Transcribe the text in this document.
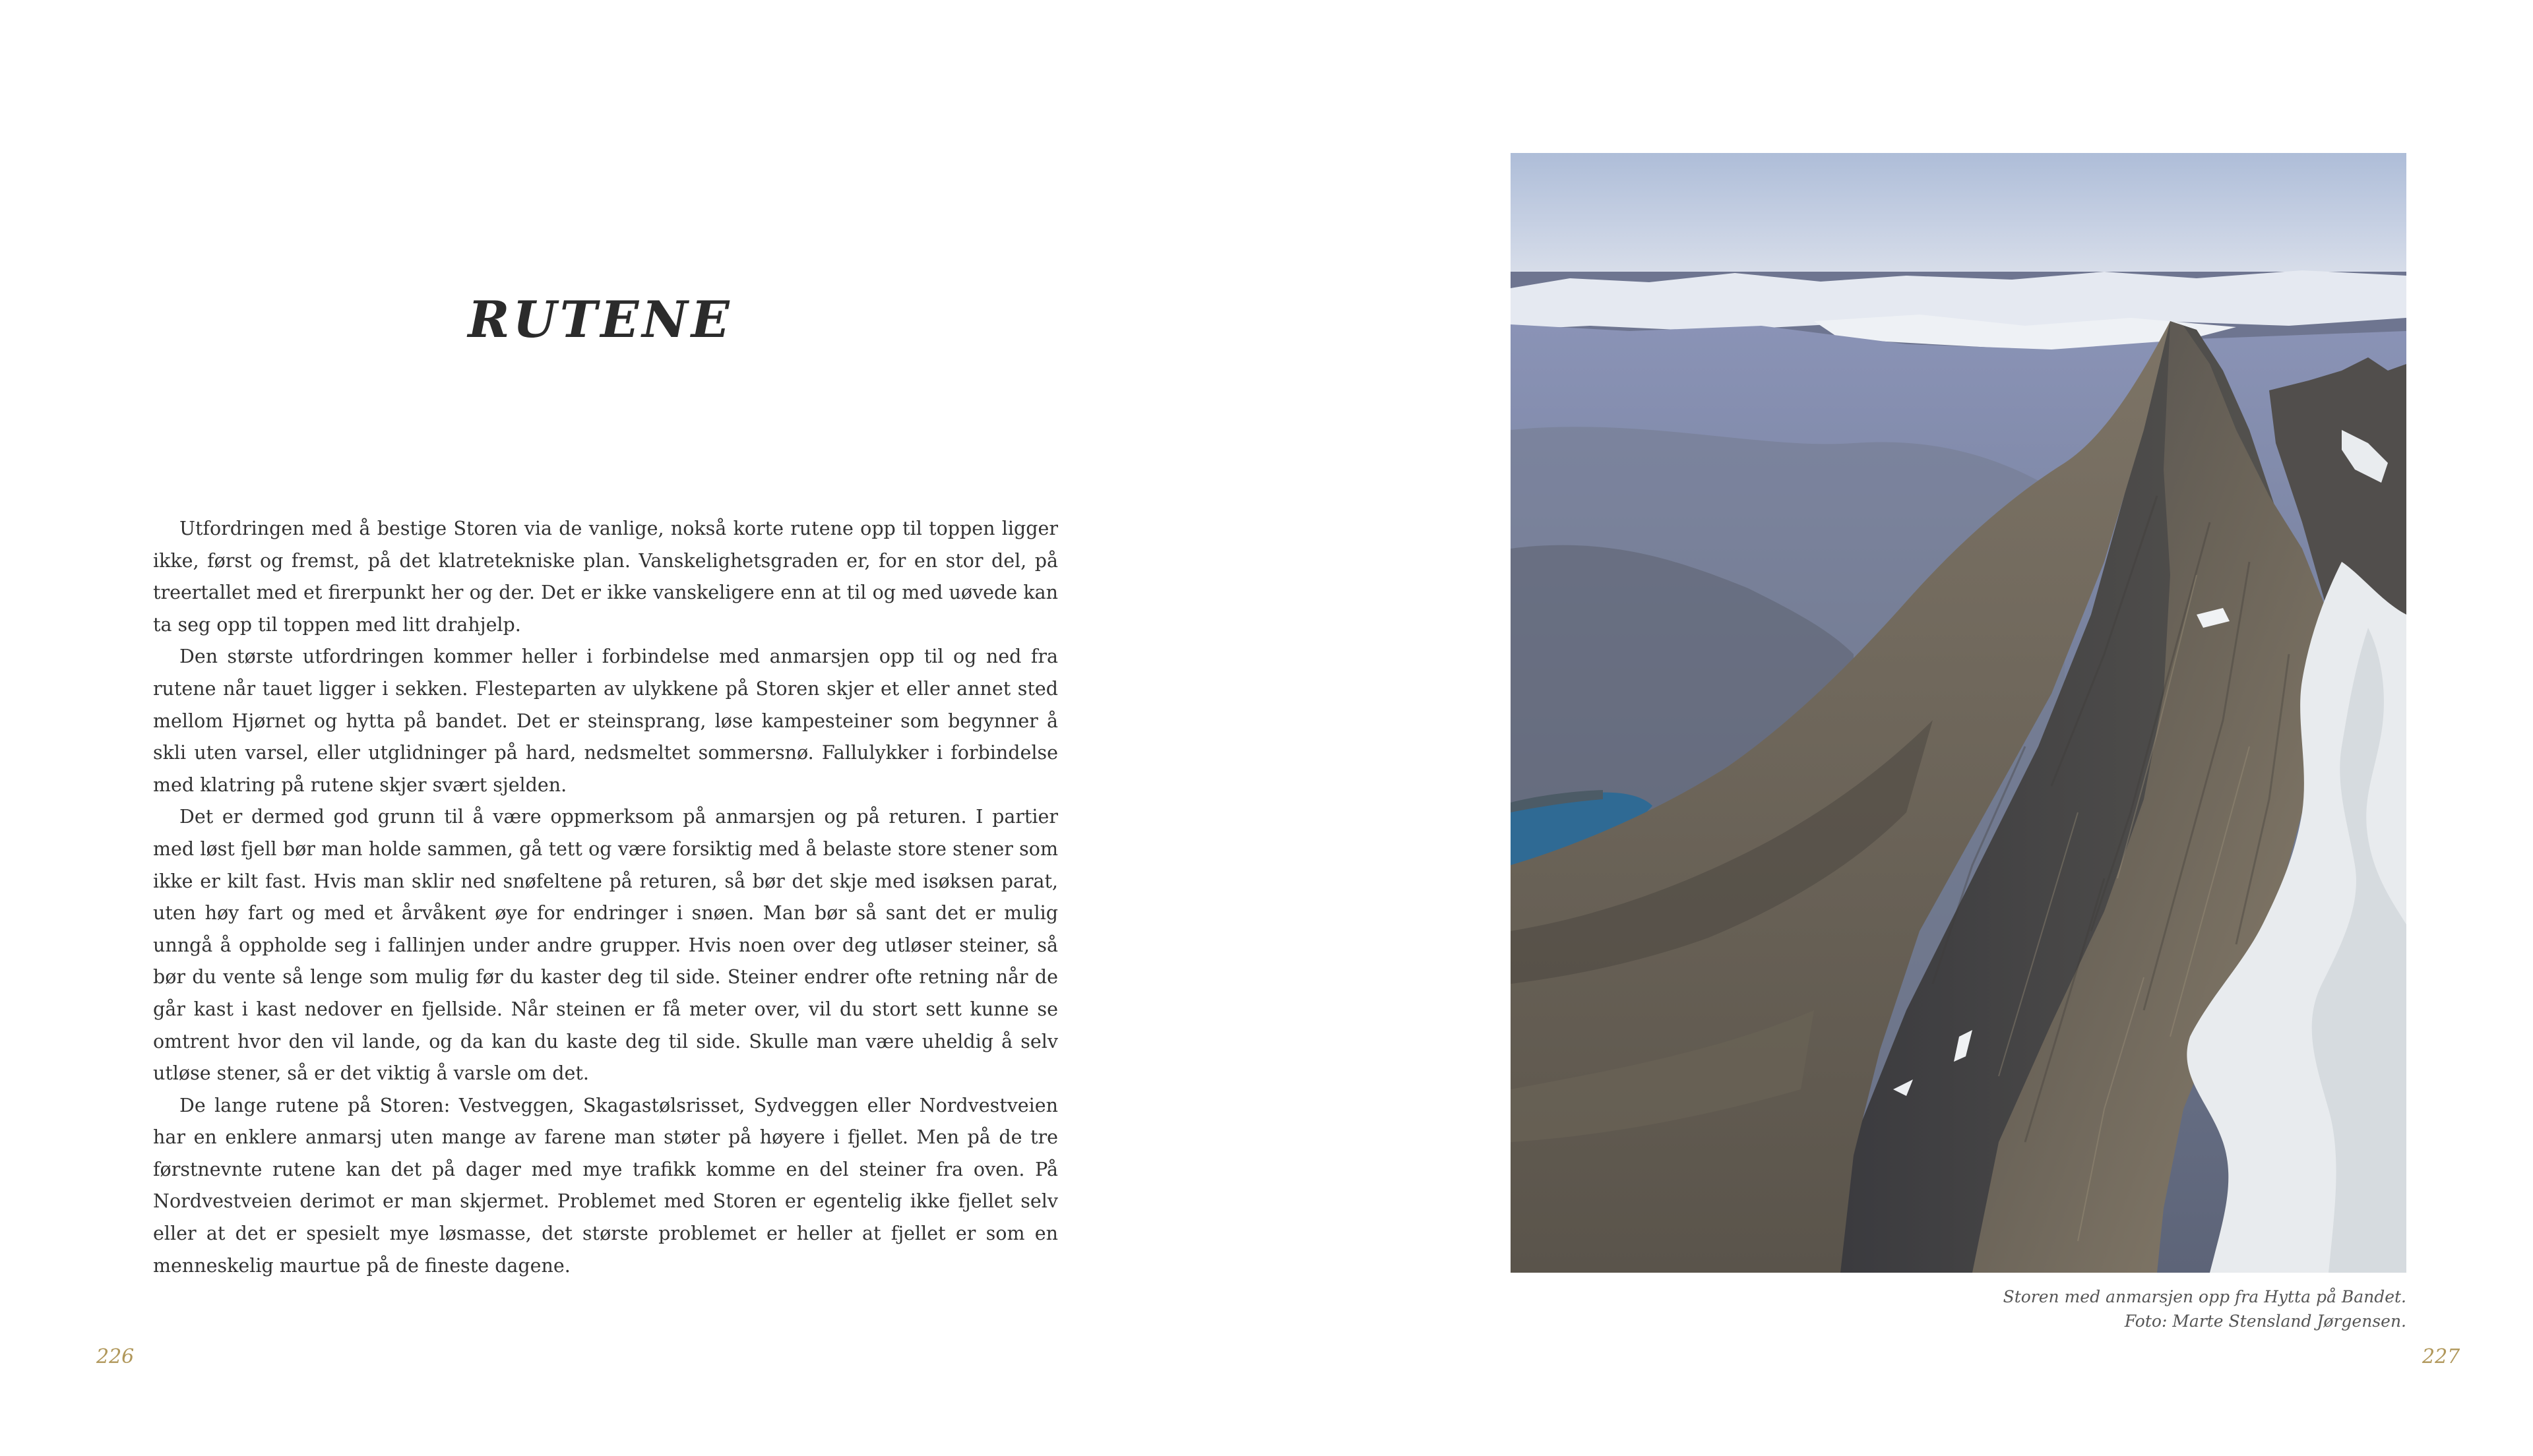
RUTENE

Utfordringen med å bestige Storen via de vanlige, nokså korte rutene opp til toppen ligger ikke, først og fremst, på det klatretekniske plan. Vanskelighetsgraden er, for en stor del, på treertallet med et firerpunkt her og der. Det er ikke vanskeligere enn at til og med uøvede kan ta seg opp til toppen med litt drahjelp.

Den største utfordringen kommer heller i forbindelse med anmarsjen opp til og ned fra rutene når tauet ligger i sekken. Flesteparten av ulykkene på Storen skjer et eller annet sted mellom Hjørnet og hytta på bandet. Det er steinsprang, løse kampesteiner som begynner å skli uten varsel, eller utglidninger på hard, nedsmeltet sommersnø. Fallulykker i forbindelse med klatring på rutene skjer svært sjelden.

Det er dermed god grunn til å være oppmerksom på anmarsjen og på returen. I partier med løst fjell bør man holde sammen, gå tett og være forsiktig med å belaste store stener som ikke er kilt fast. Hvis man sklir ned snøfeltene på returen, så bør det skje med isøksen parat, uten høy fart og med et årvåkent øye for endringer i snøen. Man bør så sant det er mulig unngå å oppholde seg i fallinjen under andre grupper. Hvis noen over deg utløser steiner, så bør du vente så lenge som mulig før du kaster deg til side. Steiner endrer ofte retning når de går kast i kast nedover en fjellside. Når steinen er få meter over, vil du stort sett kunne se omtrent hvor den vil lande, og da kan du kaste deg til side. Skulle man være uheldig å selv utløse stener, så er det viktig å varsle om det.

De lange rutene på Storen: Vestveggen, Skagastølsrisset, Sydveggen eller Nordvestveien har en enklere anmarsj uten mange av farene man støter på høyere i fjellet. Men på de tre førstnevnte rutene kan det på dager med mye trafikk komme en del steiner fra oven. På Nordvestveien derimot er man skjermet. Problemet med Storen er egentelig ikke fjellet selv eller at det er spesielt mye løsmasse, det største problemet er heller at fjellet er som en menneskelig maurtue på de fineste dagene.

226
Storen med anmarsjen opp fra Hytta på Bandet.
Foto: Marte Stensland Jørgensen.
227
